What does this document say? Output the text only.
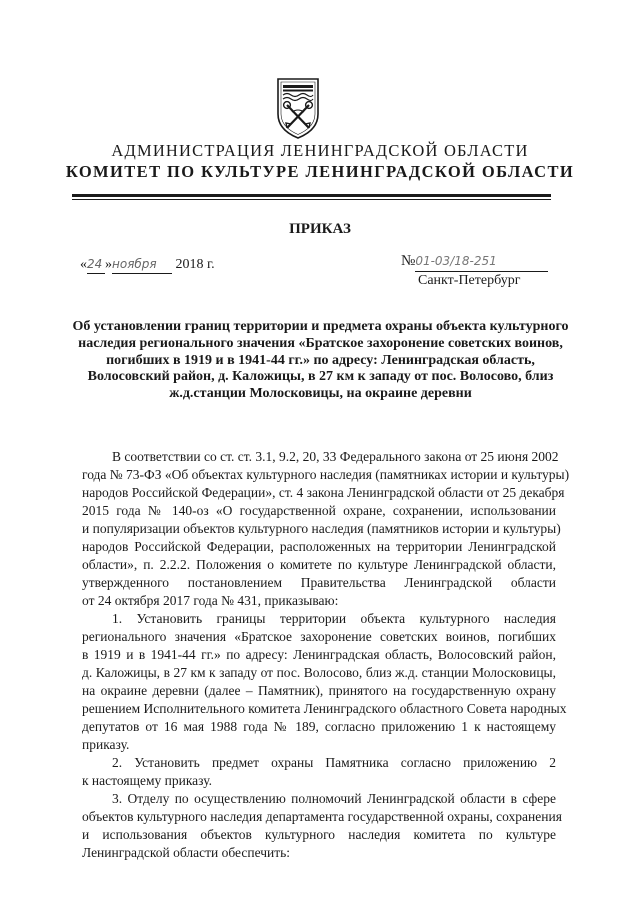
АДМИНИСТРАЦИЯ ЛЕНИНГРАДСКОЙ ОБЛАСТИ
КОМИТЕТ ПО КУЛЬТУРЕ ЛЕНИНГРАДСКОЙ ОБЛАСТИ
ПРИКАЗ
«24 »ноября 2018 г.	№01-03/18-251
Санкт-Петербург
Об установлении границ территории и предмета охраны объекта культурного
наследия регионального значения «Братское захоронение советских воинов,
погибших в 1919 и в 1941-44 гг.» по адресу: Ленинградская область,
Волосовский район, д. Каложицы, в 27 км к западу от пос. Волосово, близ
ж.д.станции Молосковицы, на окраине деревни
В соответствии со ст. ст. 3.1, 9.2, 20, 33 Федерального закона от 25 июня 2002
года № 73-ФЗ «Об объектах культурного наследия (памятниках истории и культуры)
народов Российской Федерации», ст. 4 закона Ленинградской области от 25 декабря
2015 года № 140-оз «О государственной охране, сохранении, использовании
и популяризации объектов культурного наследия (памятников истории и культуры)
народов Российской Федерации, расположенных на территории Ленинградской
области», п. 2.2.2. Положения о комитете по культуре Ленинградской области,
утвержденного постановлением Правительства Ленинградской области
от 24 октября 2017 года № 431, приказываю:
1. Установить границы территории объекта культурного наследия
регионального значения «Братское захоронение советских воинов, погибших
в 1919 и в 1941-44 гг.» по адресу: Ленинградская область, Волосовский район,
д. Каложицы, в 27 км к западу от пос. Волосово, близ ж.д. станции Молосковицы,
на окраине деревни (далее – Памятник), принятого на государственную охрану
решением Исполнительного комитета Ленинградского областного Совета народных
депутатов от 16 мая 1988 года № 189, согласно приложению 1 к настоящему
приказу.
2. Установить предмет охраны Памятника согласно приложению 2
к настоящему приказу.
3. Отделу по осуществлению полномочий Ленинградской области в сфере
объектов культурного наследия департамента государственной охраны, сохранения
и использования объектов культурного наследия комитета по культуре
Ленинградской области обеспечить:
